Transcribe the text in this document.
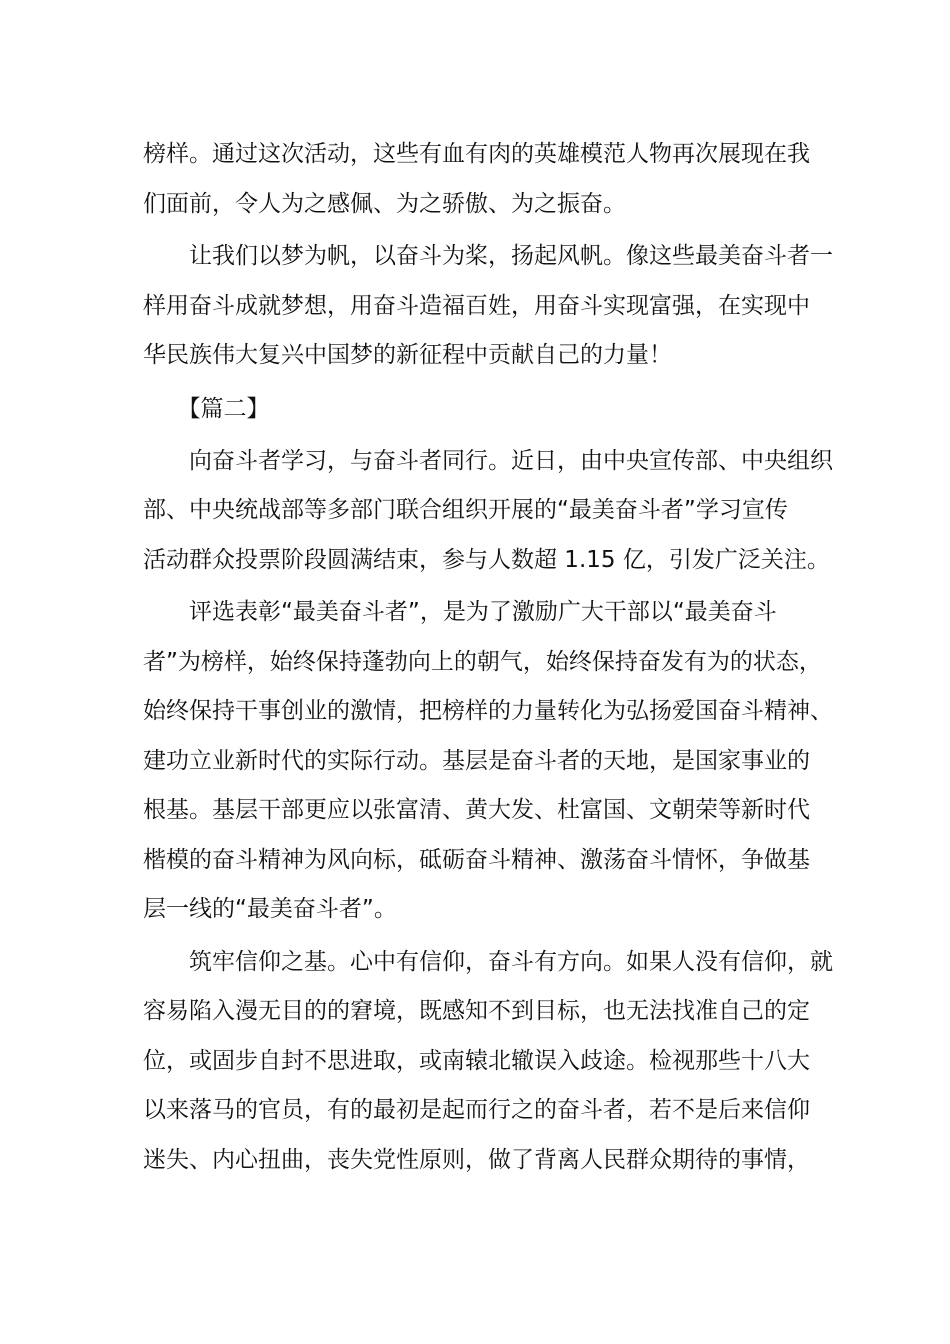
榜样。通过这次活动，这些有血有肉的英雄模范人物再次展现在我
们面前，令人为之感佩、为之骄傲、为之振奋。
　　让我们以梦为帆，以奋斗为桨，扬起风帆。像这些最美奋斗者一
样用奋斗成就梦想，用奋斗造福百姓，用奋斗实现富强，在实现中
华民族伟大复兴中国梦的新征程中贡献自己的力量！
　　【篇二】
　　向奋斗者学习，与奋斗者同行。近日，由中央宣传部、中央组织
部、中央统战部等多部门联合组织开展的“最美奋斗者”学习宣传
活动群众投票阶段圆满结束，参与人数超 1.15 亿，引发广泛关注。
　　评选表彰“最美奋斗者”，是为了激励广大干部以“最美奋斗
者”为榜样，始终保持蓬勃向上的朝气，始终保持奋发有为的状态，
始终保持干事创业的激情，把榜样的力量转化为弘扬爱国奋斗精神、
建功立业新时代的实际行动。基层是奋斗者的天地，是国家事业的
根基。基层干部更应以张富清、黄大发、杜富国、文朝荣等新时代
楷模的奋斗精神为风向标，砥砺奋斗精神、激荡奋斗情怀，争做基
层一线的“最美奋斗者”。
　　筑牢信仰之基。心中有信仰，奋斗有方向。如果人没有信仰，就
容易陷入漫无目的的窘境，既感知不到目标，也无法找准自己的定
位，或固步自封不思进取，或南辕北辙误入歧途。检视那些十八大
以来落马的官员，有的最初是起而行之的奋斗者，若不是后来信仰
迷失、内心扭曲，丧失党性原则，做了背离人民群众期待的事情，
